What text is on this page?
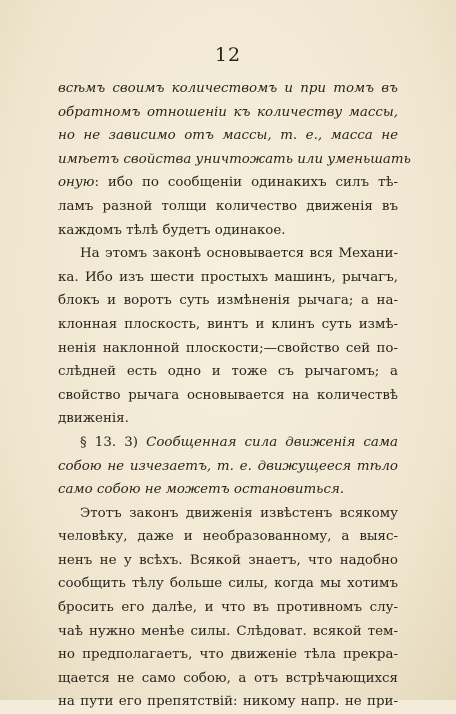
12
всѣмъ своимъ количествомъ и при томъ въ
обратномъ отношеніи къ количеству массы,
но не зависимо отъ массы, т. е., масса не
имѣетъ свойства уничтожать или уменьшать
оную: ибо по сообщеніи одинакихъ силъ тѣ-
ламъ разной толщи количество движенія въ
каждомъ тѣлѣ будетъ одинакое.
На этомъ законѣ основывается вся Механи-
ка. Ибо изъ шести простыхъ машинъ, рычагъ,
блокъ и воротъ суть измѣненія рычага; а на-
клонная плоскость, винтъ и клинъ суть измѣ-
ненія наклонной плоскости;—свойство сей по-
слѣдней есть одно и тоже съ рычагомъ; а
свойство рычага основывается на количествѣ
движенія.
§ 13. 3) Сообщенная сила движенія сама
собою не изчезаетъ, т. е. движущееся тѣло
само собою не можетъ остановиться.
Этотъ законъ движенія извѣстенъ всякому
человѣку, даже и необразованному, а выяс-
ненъ не у всѣхъ. Всякой знаетъ, что надобно
сообщить тѣлу больше силы, когда мы хотимъ
бросить его далѣе, и что въ противномъ слу-
чаѣ нужно менѣе силы. Слѣдоват. всякой тем-
но предполагаетъ, что движеніе тѣла прекра-
щается не само собою, а отъ встрѣчающихся
на пути его препятствій: никому напр. не при-
